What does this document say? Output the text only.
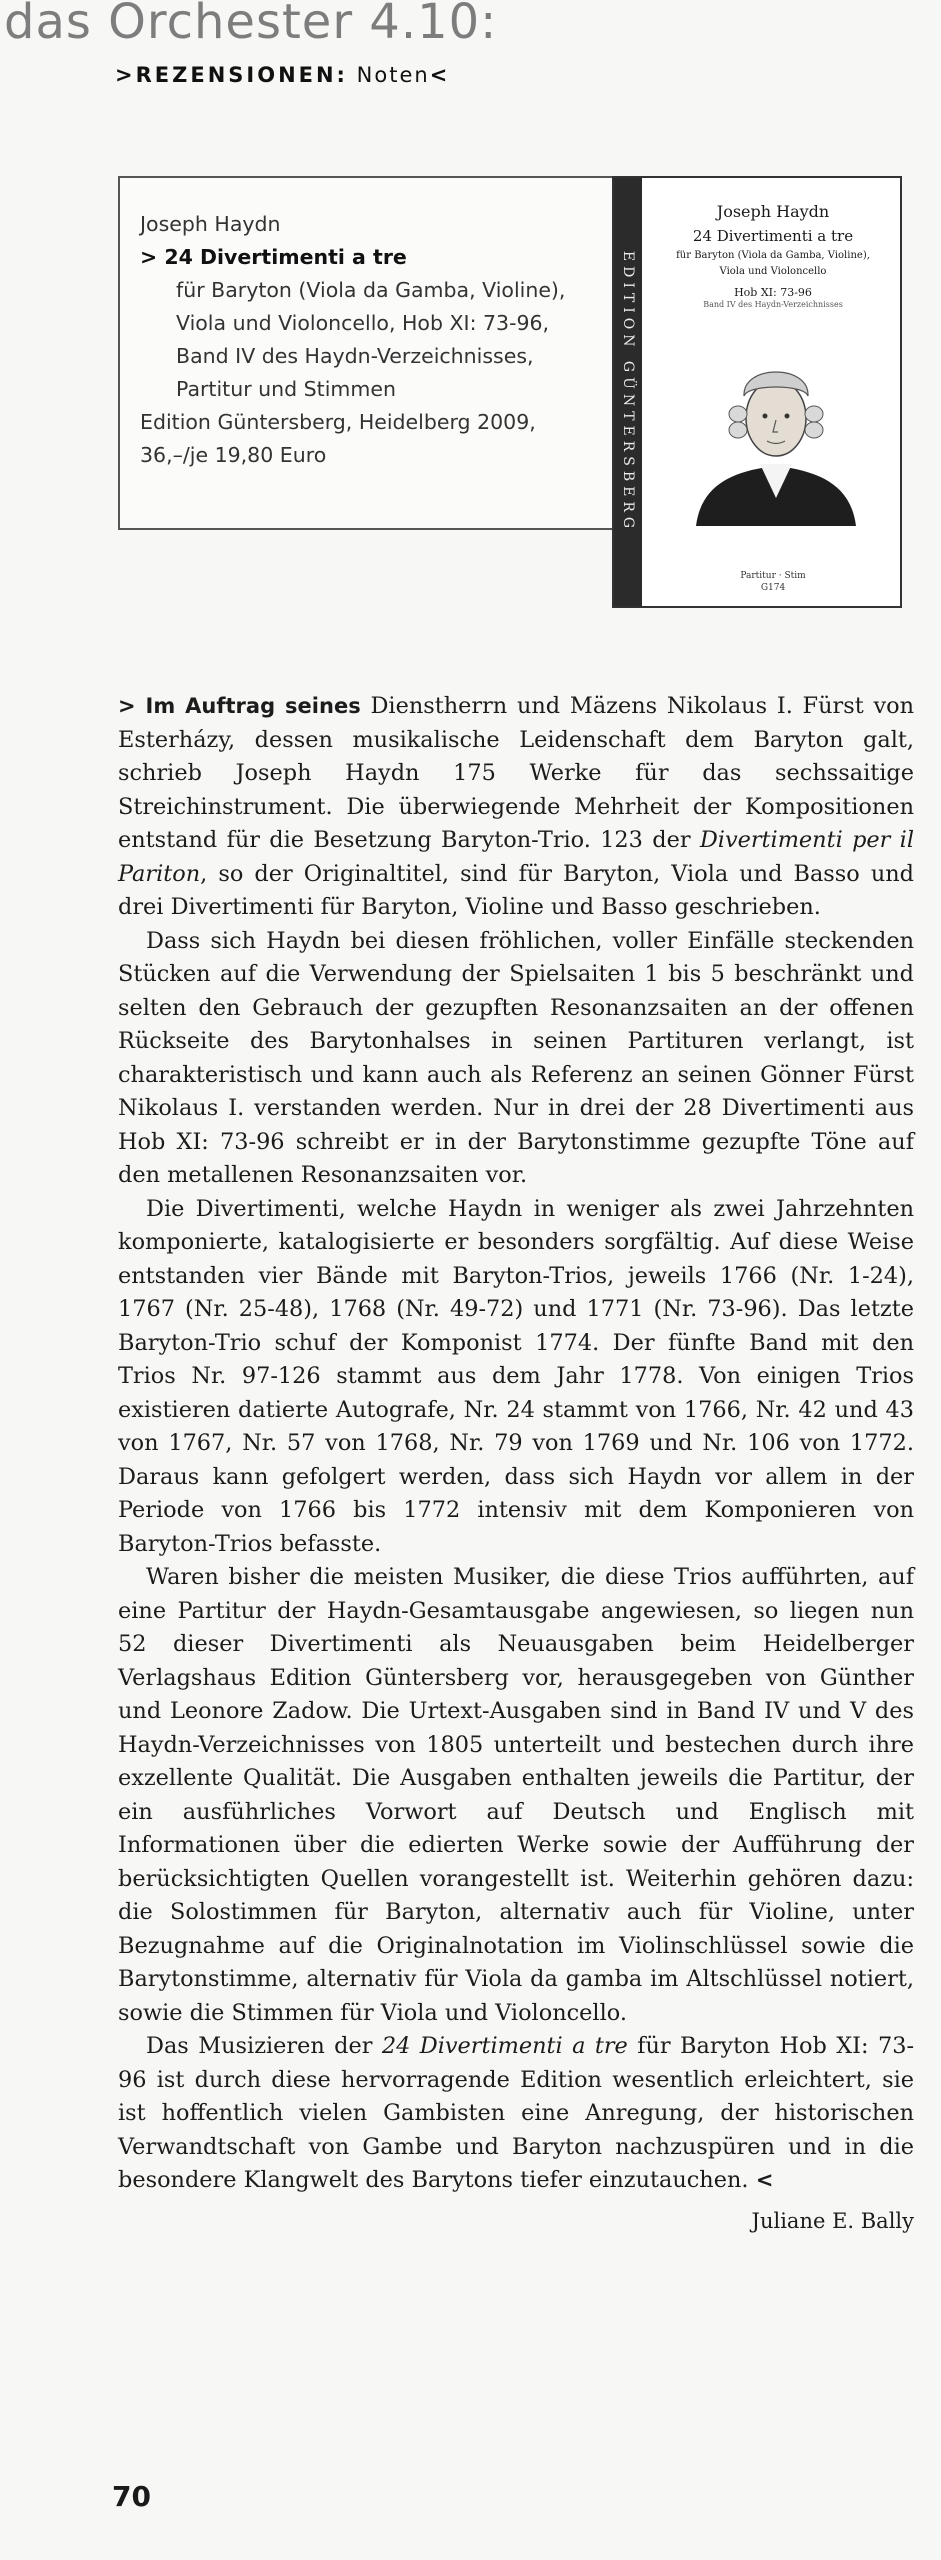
das Orchester 4.10:
>REZENSIONEN: Noten<

Joseph Haydn

> 24 Divertimenti a tre

für Baryton (Viola da Gamba, Violine),

Viola und Violoncello, Hob XI: 73-96,

Band IV des Haydn-Verzeichnisses,

Partitur und Stimmen

Edition Güntersberg, Heidelberg 2009,

36,–/je 19,80 Euro	EDITION GÜNTERSBERG

Joseph Haydn

24 Divertimenti a tre

für Baryton (Viola da Gamba, Violine),

Viola und Violoncello

Hob XI: 73-96

Band IV des Haydn-Verzeichnisses

Partitur · Stim
G174

> Im Auftrag seines Dienstherrn und Mäzens Nikolaus I. Fürst von Esterházy, dessen musikalische Leidenschaft dem Baryton galt, schrieb Joseph Haydn 175 Werke für das sechssaitige Streichinstrument. Die überwiegende Mehrheit der Kompositionen entstand für die Besetzung Baryton-Trio. 123 der Divertimenti per il Pariton, so der Originaltitel, sind für Baryton, Viola und Basso und drei Divertimenti für Baryton, Violine und Basso geschrieben.

Dass sich Haydn bei diesen fröhlichen, voller Einfälle steckenden Stücken auf die Verwendung der Spielsaiten 1 bis 5 beschränkt und selten den Gebrauch der gezupften Resonanzsaiten an der offenen Rückseite des Barytonhalses in seinen Partituren verlangt, ist charakteristisch und kann auch als Referenz an seinen Gönner Fürst Nikolaus I. verstanden werden. Nur in drei der 28 Divertimenti aus Hob XI: 73-96 schreibt er in der Barytonstimme gezupfte Töne auf den metallenen Resonanzsaiten vor.

Die Divertimenti, welche Haydn in weniger als zwei Jahrzehnten komponierte, katalogisierte er besonders sorgfältig. Auf diese Weise entstanden vier Bände mit Baryton-Trios, jeweils 1766 (Nr. 1-24), 1767 (Nr. 25-48), 1768 (Nr. 49-72) und 1771 (Nr. 73-96). Das letzte Baryton-Trio schuf der Komponist 1774. Der fünfte Band mit den Trios Nr. 97-126 stammt aus dem Jahr 1778. Von einigen Trios existieren datierte Autografe, Nr. 24 stammt von 1766, Nr. 42 und 43 von 1767, Nr. 57 von 1768, Nr. 79 von 1769 und Nr. 106 von 1772. Daraus kann gefolgert werden, dass sich Haydn vor allem in der Periode von 1766 bis 1772 intensiv mit dem Komponieren von Baryton-Trios befasste.

Waren bisher die meisten Musiker, die diese Trios aufführten, auf eine Partitur der Haydn-Gesamtausgabe angewiesen, so liegen nun 52 dieser Divertimenti als Neuausgaben beim Heidelberger Verlagshaus Edition Güntersberg vor, herausgegeben von Günther und Leonore Zadow. Die Urtext-Ausgaben sind in Band IV und V des Haydn-Verzeichnisses von 1805 unterteilt und bestechen durch ihre exzellente Qualität. Die Ausgaben enthalten jeweils die Partitur, der ein ausführliches Vorwort auf Deutsch und Englisch mit Informationen über die edierten Werke sowie der Aufführung der berücksichtigten Quellen vorangestellt ist. Weiterhin gehören dazu: die Solostimmen für Baryton, alternativ auch für Violine, unter Bezugnahme auf die Originalnotation im Violinschlüssel sowie die Barytonstimme, alternativ für Viola da gamba im Altschlüssel notiert, sowie die Stimmen für Viola und Violoncello.

Das Musizieren der 24 Divertimenti a tre für Baryton Hob XI: 73-96 ist durch diese hervorragende Edition wesentlich erleichtert, sie ist hoffentlich vielen Gambisten eine Anregung, der historischen Verwandtschaft von Gambe und Baryton nachzuspüren und in die besondere Klangwelt des Barytons tiefer einzutauchen. <

Juliane E. Bally
70
